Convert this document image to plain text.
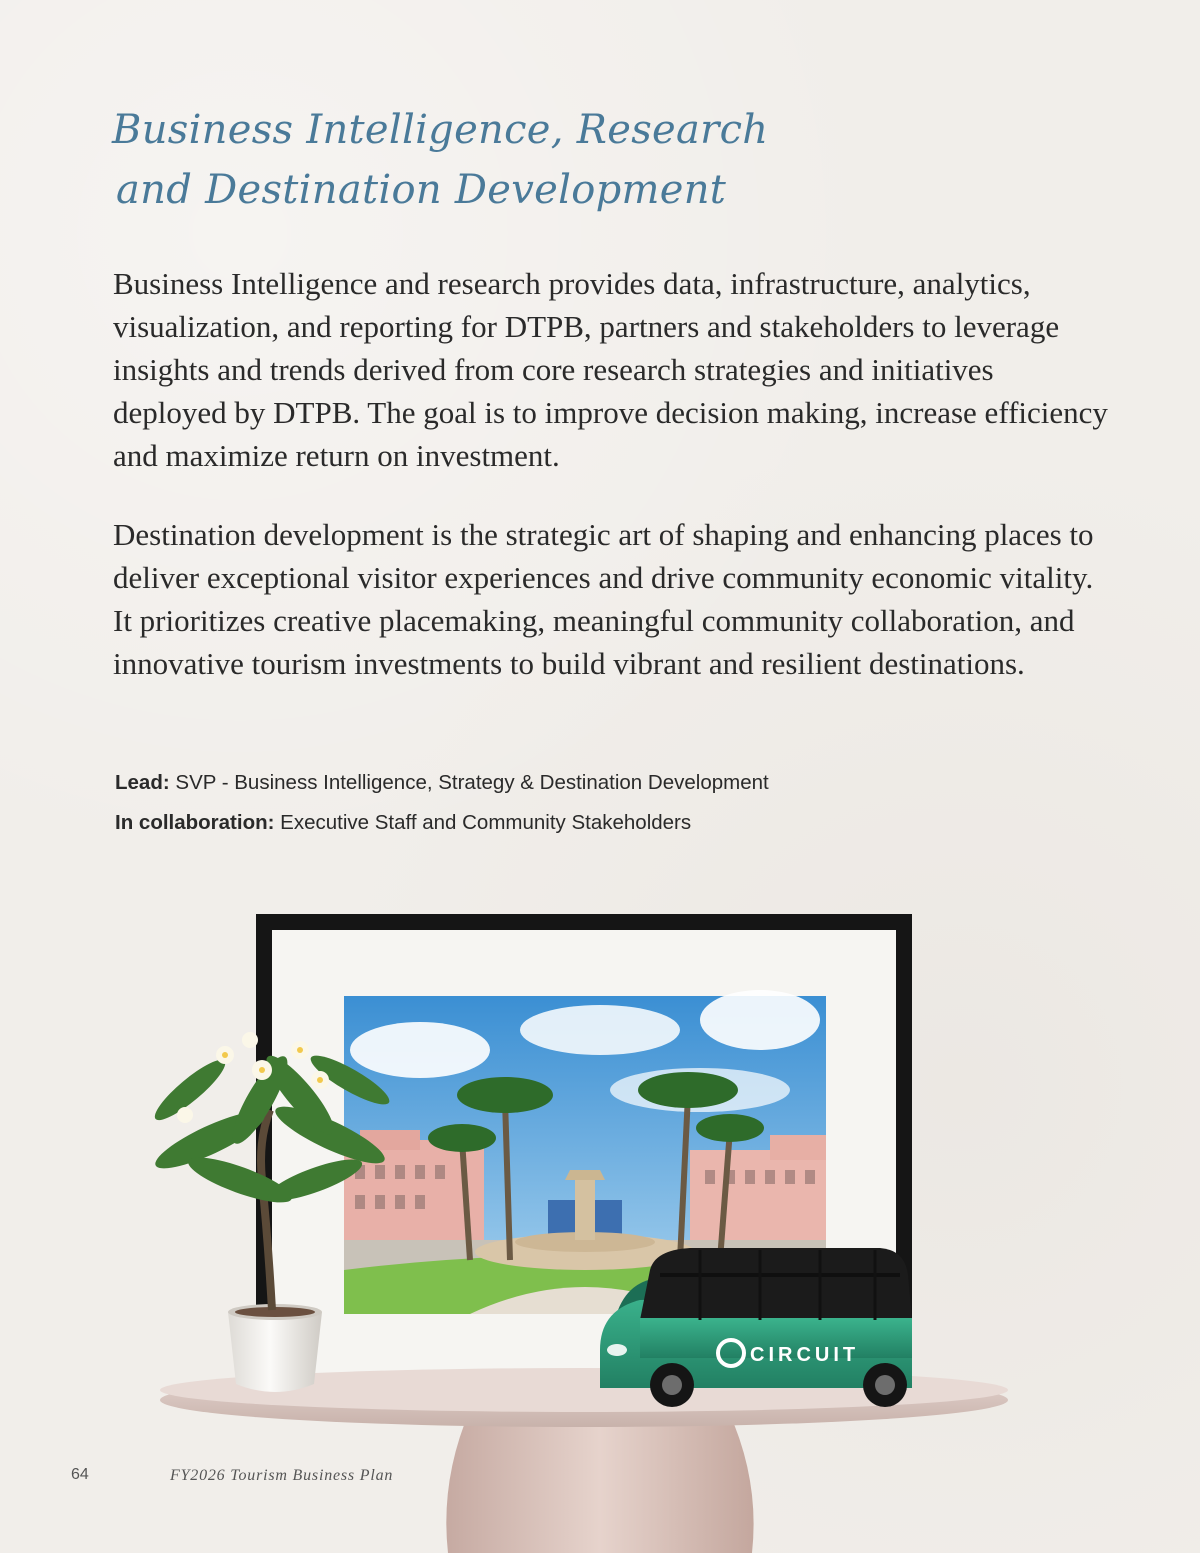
Business Intelligence, Research
and Destination Development

Business Intelligence and research provides data, infrastructure, analytics, visualization, and reporting for DTPB, partners and stakeholders to leverage insights and trends derived from core research strategies and initiatives deployed by DTPB. The goal is to improve decision making, increase efficiency and maximize return on investment.

Destination development is the strategic art of shaping and enhancing places to deliver exceptional visitor experiences and drive community economic vitality. It prioritizes creative placemaking, meaningful community collaboration, and innovative tourism investments to build vibrant and resilient destinations.

Lead: SVP - Business Intelligence, Strategy & Destination Development

In collaboration: Executive Staff and Community Stakeholders

CIRCUIT

64	FY2026 Tourism Business Plan
